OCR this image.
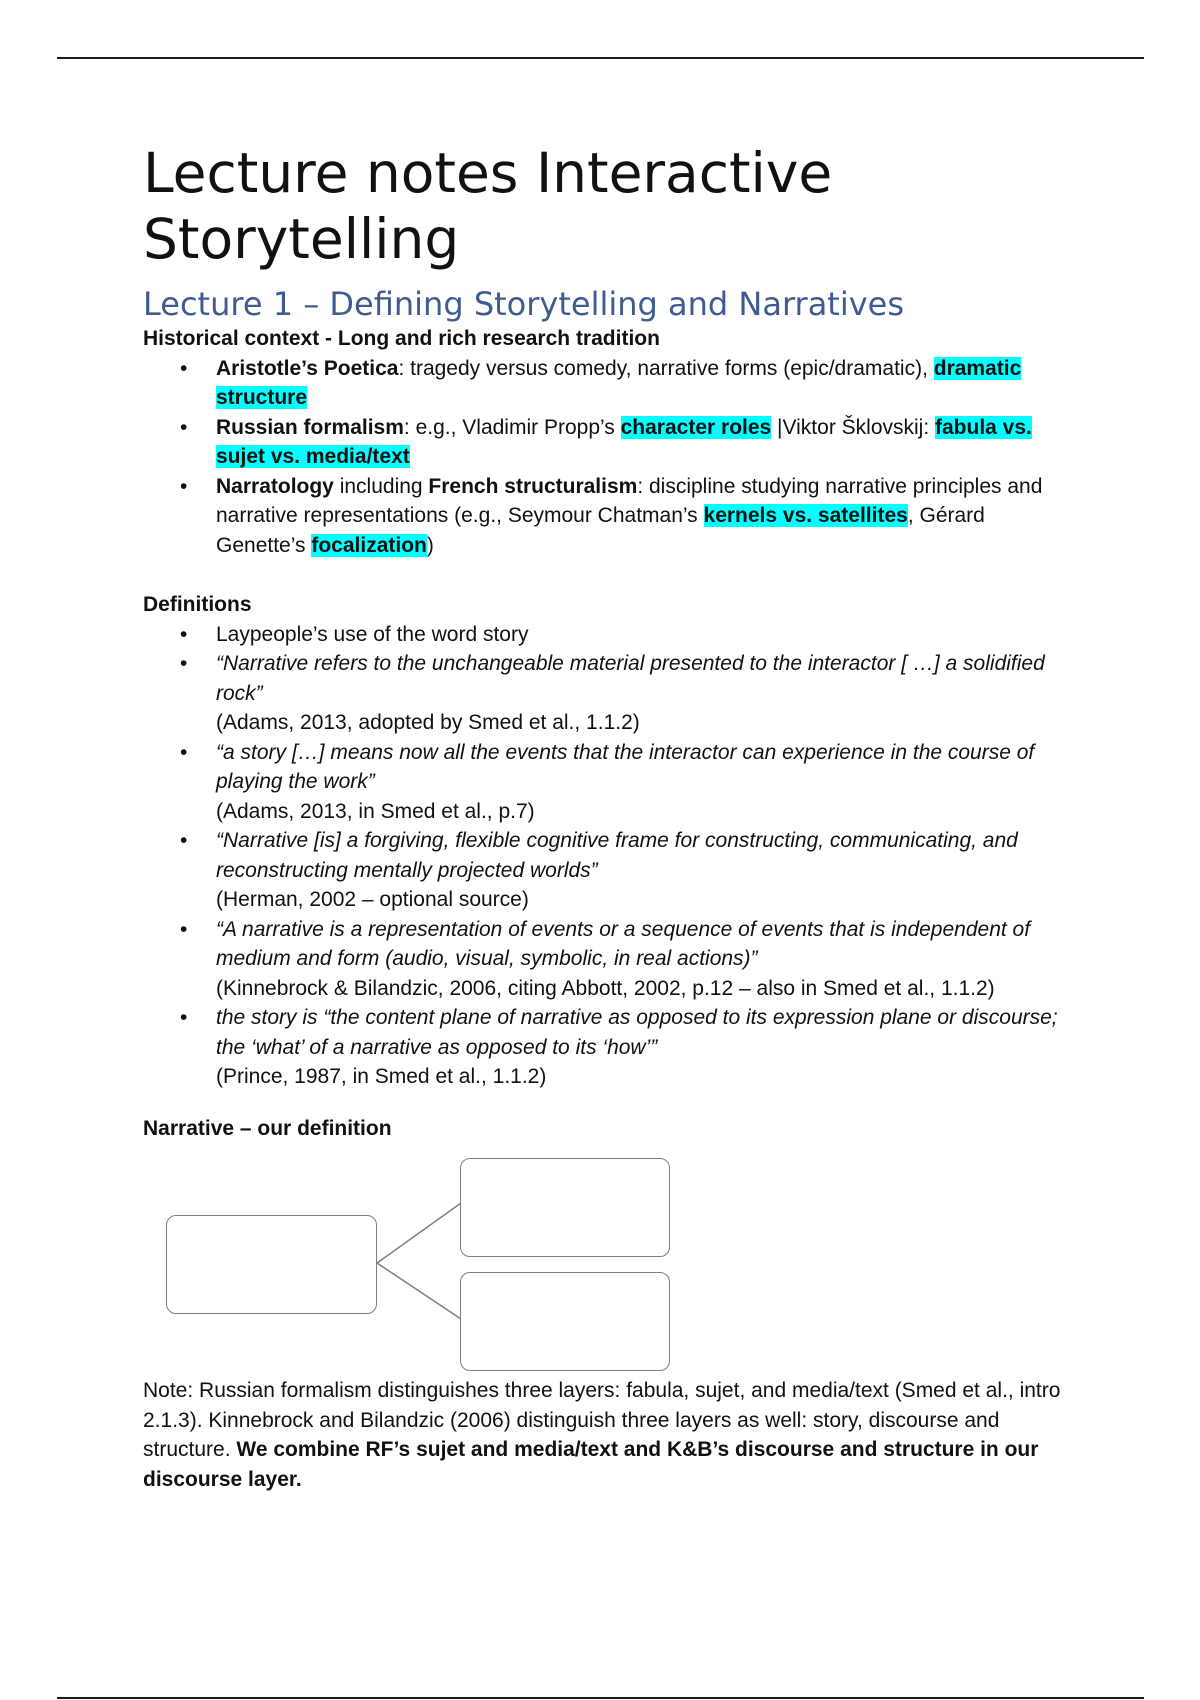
Lecture notes Interactive Storytelling
Lecture 1 – Defining Storytelling and Narratives

Historical context - Long and rich research tradition

• Aristotle’s Poetica: tragedy versus comedy, narrative forms (epic/dramatic), dramatic structure
• Russian formalism: e.g., Vladimir Propp’s character roles |Viktor Šklovskij: fabula vs. sujet vs. media/text
• Narratology including French structuralism: discipline studying narrative principles and narrative representations (e.g., Seymour Chatman’s kernels vs. satellites, Gérard Genette’s focalization)

Definitions

• Laypeople’s use of the word story
• “Narrative refers to the unchangeable material presented to the interactor [ …] a solidified rock”
(Adams, 2013, adopted by Smed et al., 1.1.2)
• “a story […] means now all the events that the interactor can experience in the course of playing the work”
(Adams, 2013, in Smed et al., p.7)
• “Narrative [is] a forgiving, flexible cognitive frame for constructing, communicating, and reconstructing mentally projected worlds”
(Herman, 2002 – optional source)
• “A narrative is a representation of events or a sequence of events that is independent of medium and form (audio, visual, symbolic, in real actions)”
(Kinnebrock & Bilandzic, 2006, citing Abbott, 2002, p.12 – also in Smed et al., 1.1.2)
• the story is “the content plane of narrative as opposed to its expression plane or discourse; the ‘what’ of a narrative as opposed to its ‘how’”
(Prince, 1987, in Smed et al., 1.1.2)

Narrative – our definition

Note: Russian formalism distinguishes three layers: fabula, sujet, and media/text (Smed et al., intro 2.1.3). Kinnebrock and Bilandzic (2006) distinguish three layers as well: story, discourse and structure. We combine RF’s sujet and media/text and K&B’s discourse and structure in our discourse layer.
